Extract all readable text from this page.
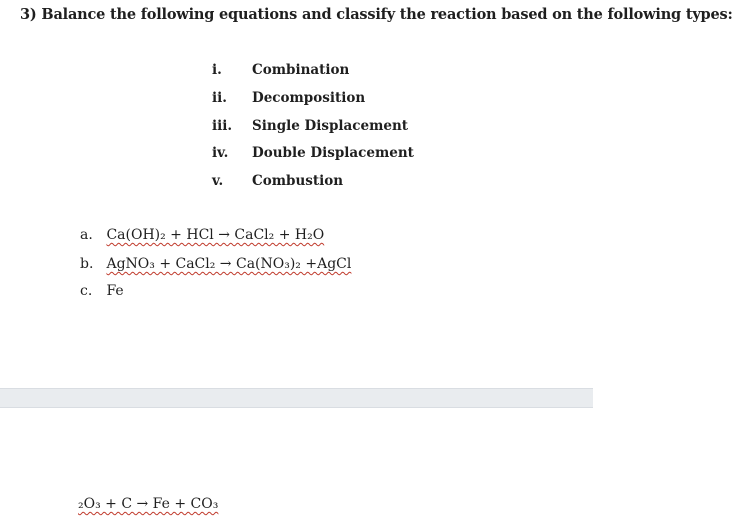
3) Balance the following equations and classify the reaction based on the following types:
i.	Combination
ii.	Decomposition
iii.	Single Displacement
iv.	Double Displacement
v.	Combustion
a. Ca(OH)₂ + HCl → CaCl₂ + H₂O
b. AgNO₃ + CaCl₂ → Ca(NO₃)₂ +AgCl
c. Fe
₂O₃ + C → Fe + CO₃
